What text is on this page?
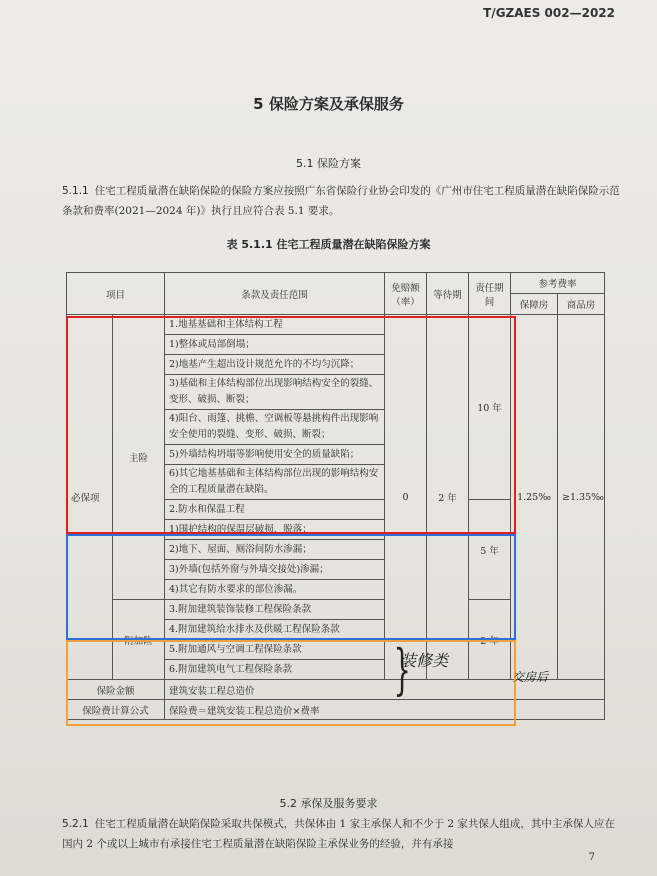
T/GZAES 002—2022
5 保险方案及承保服务
5.1 保险方案
5.1.1 住宅工程质量潜在缺陷保险的保险方案应按照广东省保险行业协会印发的《广州市住宅工程质量潜在缺陷保险示范条款和费率(2021—2024 年)》执行且应符合表 5.1 要求。
表 5.1.1 住宅工程质量潜在缺陷保险方案
项目		条款及责任范围	免赔额（率）	等待期	责任期间	参考费率	
						保障房	商品房
必保项	主险	1.地基基础和主体结构工程	0	2 年	10 年	1.25‰	≥1.35‰
		1)整体或局部倒塌；					
		2)地基产生超出设计规范允许的不均匀沉降；					
		3)基础和主体结构部位出现影响结构安全的裂缝、变形、破损、断裂；					
		4)阳台、雨篷、挑檐、空调板等悬挑构件出现影响安全使用的裂缝、变形、破损、断裂；					
		5)外墙结构坍塌等影响使用安全的质量缺陷；					
		6)其它地基基础和主体结构部位出现的影响结构安全的工程质量潜在缺陷。					
		2.防水和保温工程			5 年		
		1)围护结构的保温层破损、脱落；					
		2)地下、屋面、厕浴间防水渗漏；					
		3)外墙(包括外窗与外墙交接处)渗漏；					
		4)其它有防水要求的部位渗漏。					
	附加险	3.附加建筑装饰装修工程保险条款			2 年		
		4.附加建筑给水排水及供暖工程保险条款					
		5.附加通风与空调工程保险条款					
		6.附加建筑电气工程保险条款					
保险金额		建筑安装工程总造价					
保险费计算公式		保险费＝建筑安装工程总造价×费率					
}
装修类
交房后
5.2 承保及服务要求
5.2.1 住宅工程质量潜在缺陷保险采取共保模式，共保体由 1 家主承保人和不少于 2 家共保人组成，其中主承保人应在国内 2 个或以上城市有承接住宅工程质量潜在缺陷保险主承保业务的经验，并有承接
7
